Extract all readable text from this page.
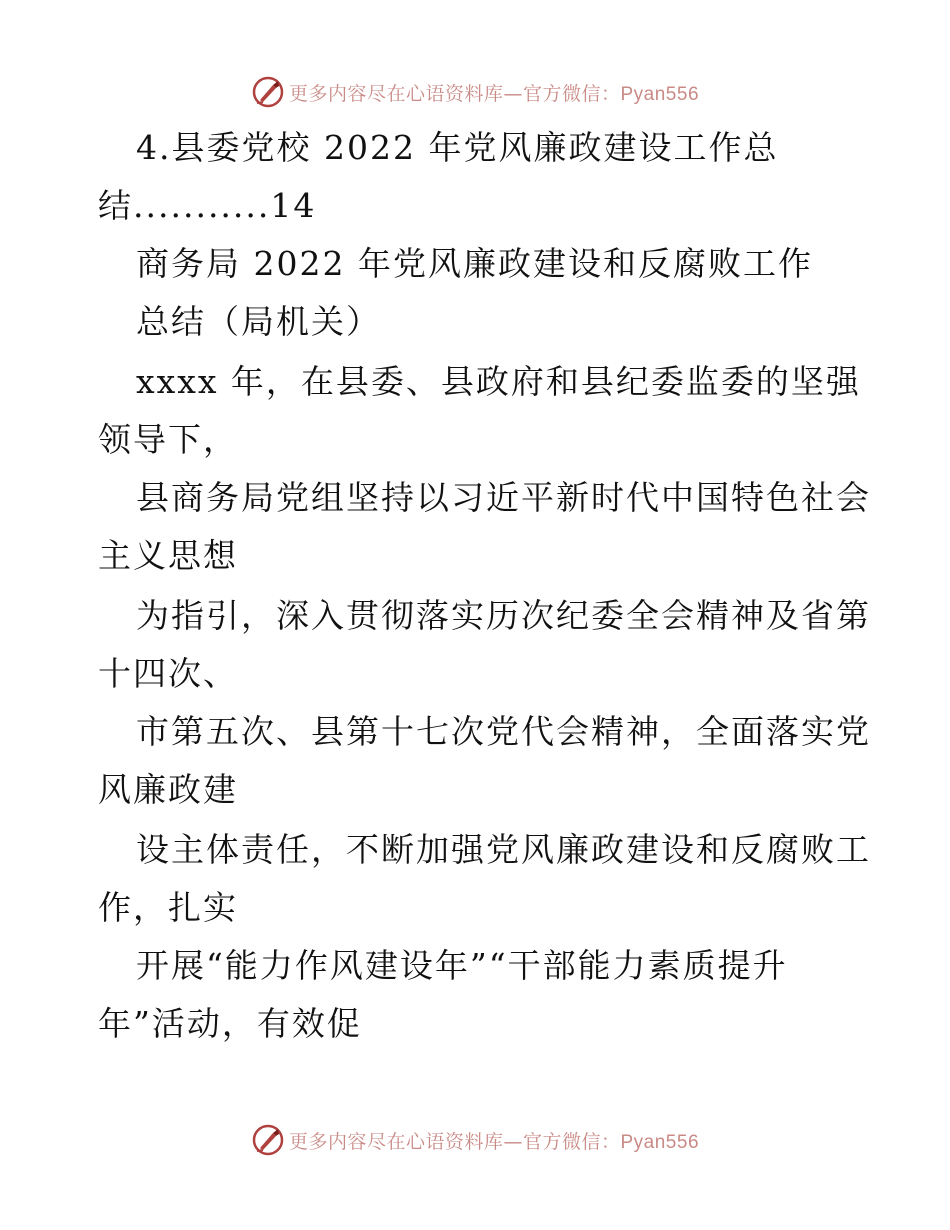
更多内容尽在心语资料库—官方微信：Pyan556

4.县委党校 2022 年党风廉政建设工作总

结...........14

商务局 2022 年党风廉政建设和反腐败工作

总结（局机关）

xxxx 年，在县委、县政府和县纪委监委的坚强

领导下，

县商务局党组坚持以习近平新时代中国特色社会

主义思想

为指引，深入贯彻落实历次纪委全会精神及省第

十四次、

市第五次、县第十七次党代会精神，全面落实党

风廉政建

设主体责任，不断加强党风廉政建设和反腐败工

作，扎实

开展“能力作风建设年”“干部能力素质提升

年”活动，有效促

更多内容尽在心语资料库—官方微信：Pyan556
